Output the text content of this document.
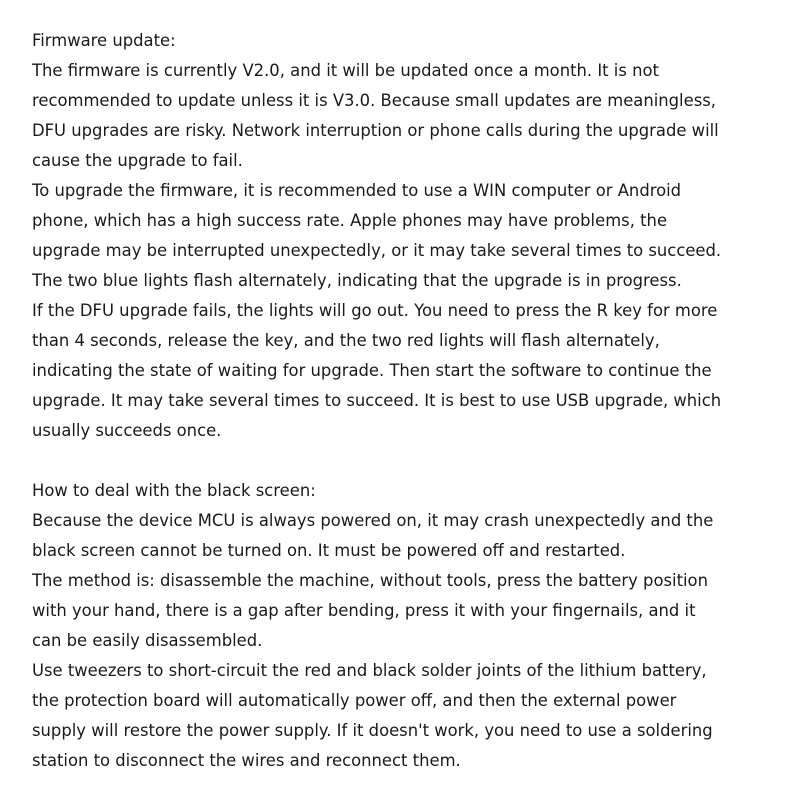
Firmware update:
The firmware is currently V2.0, and it will be updated once a month. It is not
recommended to update unless it is V3.0. Because small updates are meaningless,
DFU upgrades are risky. Network interruption or phone calls during the upgrade will
cause the upgrade to fail.
To upgrade the firmware, it is recommended to use a WIN computer or Android
phone, which has a high success rate. Apple phones may have problems, the
upgrade may be interrupted unexpectedly, or it may take several times to succeed.
The two blue lights flash alternately, indicating that the upgrade is in progress.
If the DFU upgrade fails, the lights will go out. You need to press the R key for more
than 4 seconds, release the key, and the two red lights will flash alternately,
indicating the state of waiting for upgrade. Then start the software to continue the
upgrade. It may take several times to succeed. It is best to use USB upgrade, which
usually succeeds once.
How to deal with the black screen:
Because the device MCU is always powered on, it may crash unexpectedly and the
black screen cannot be turned on. It must be powered off and restarted.
The method is: disassemble the machine, without tools, press the battery position
with your hand, there is a gap after bending, press it with your fingernails, and it
can be easily disassembled.
Use tweezers to short-circuit the red and black solder joints of the lithium battery,
the protection board will automatically power off, and then the external power
supply will restore the power supply. If it doesn't work, you need to use a soldering
station to disconnect the wires and reconnect them.
